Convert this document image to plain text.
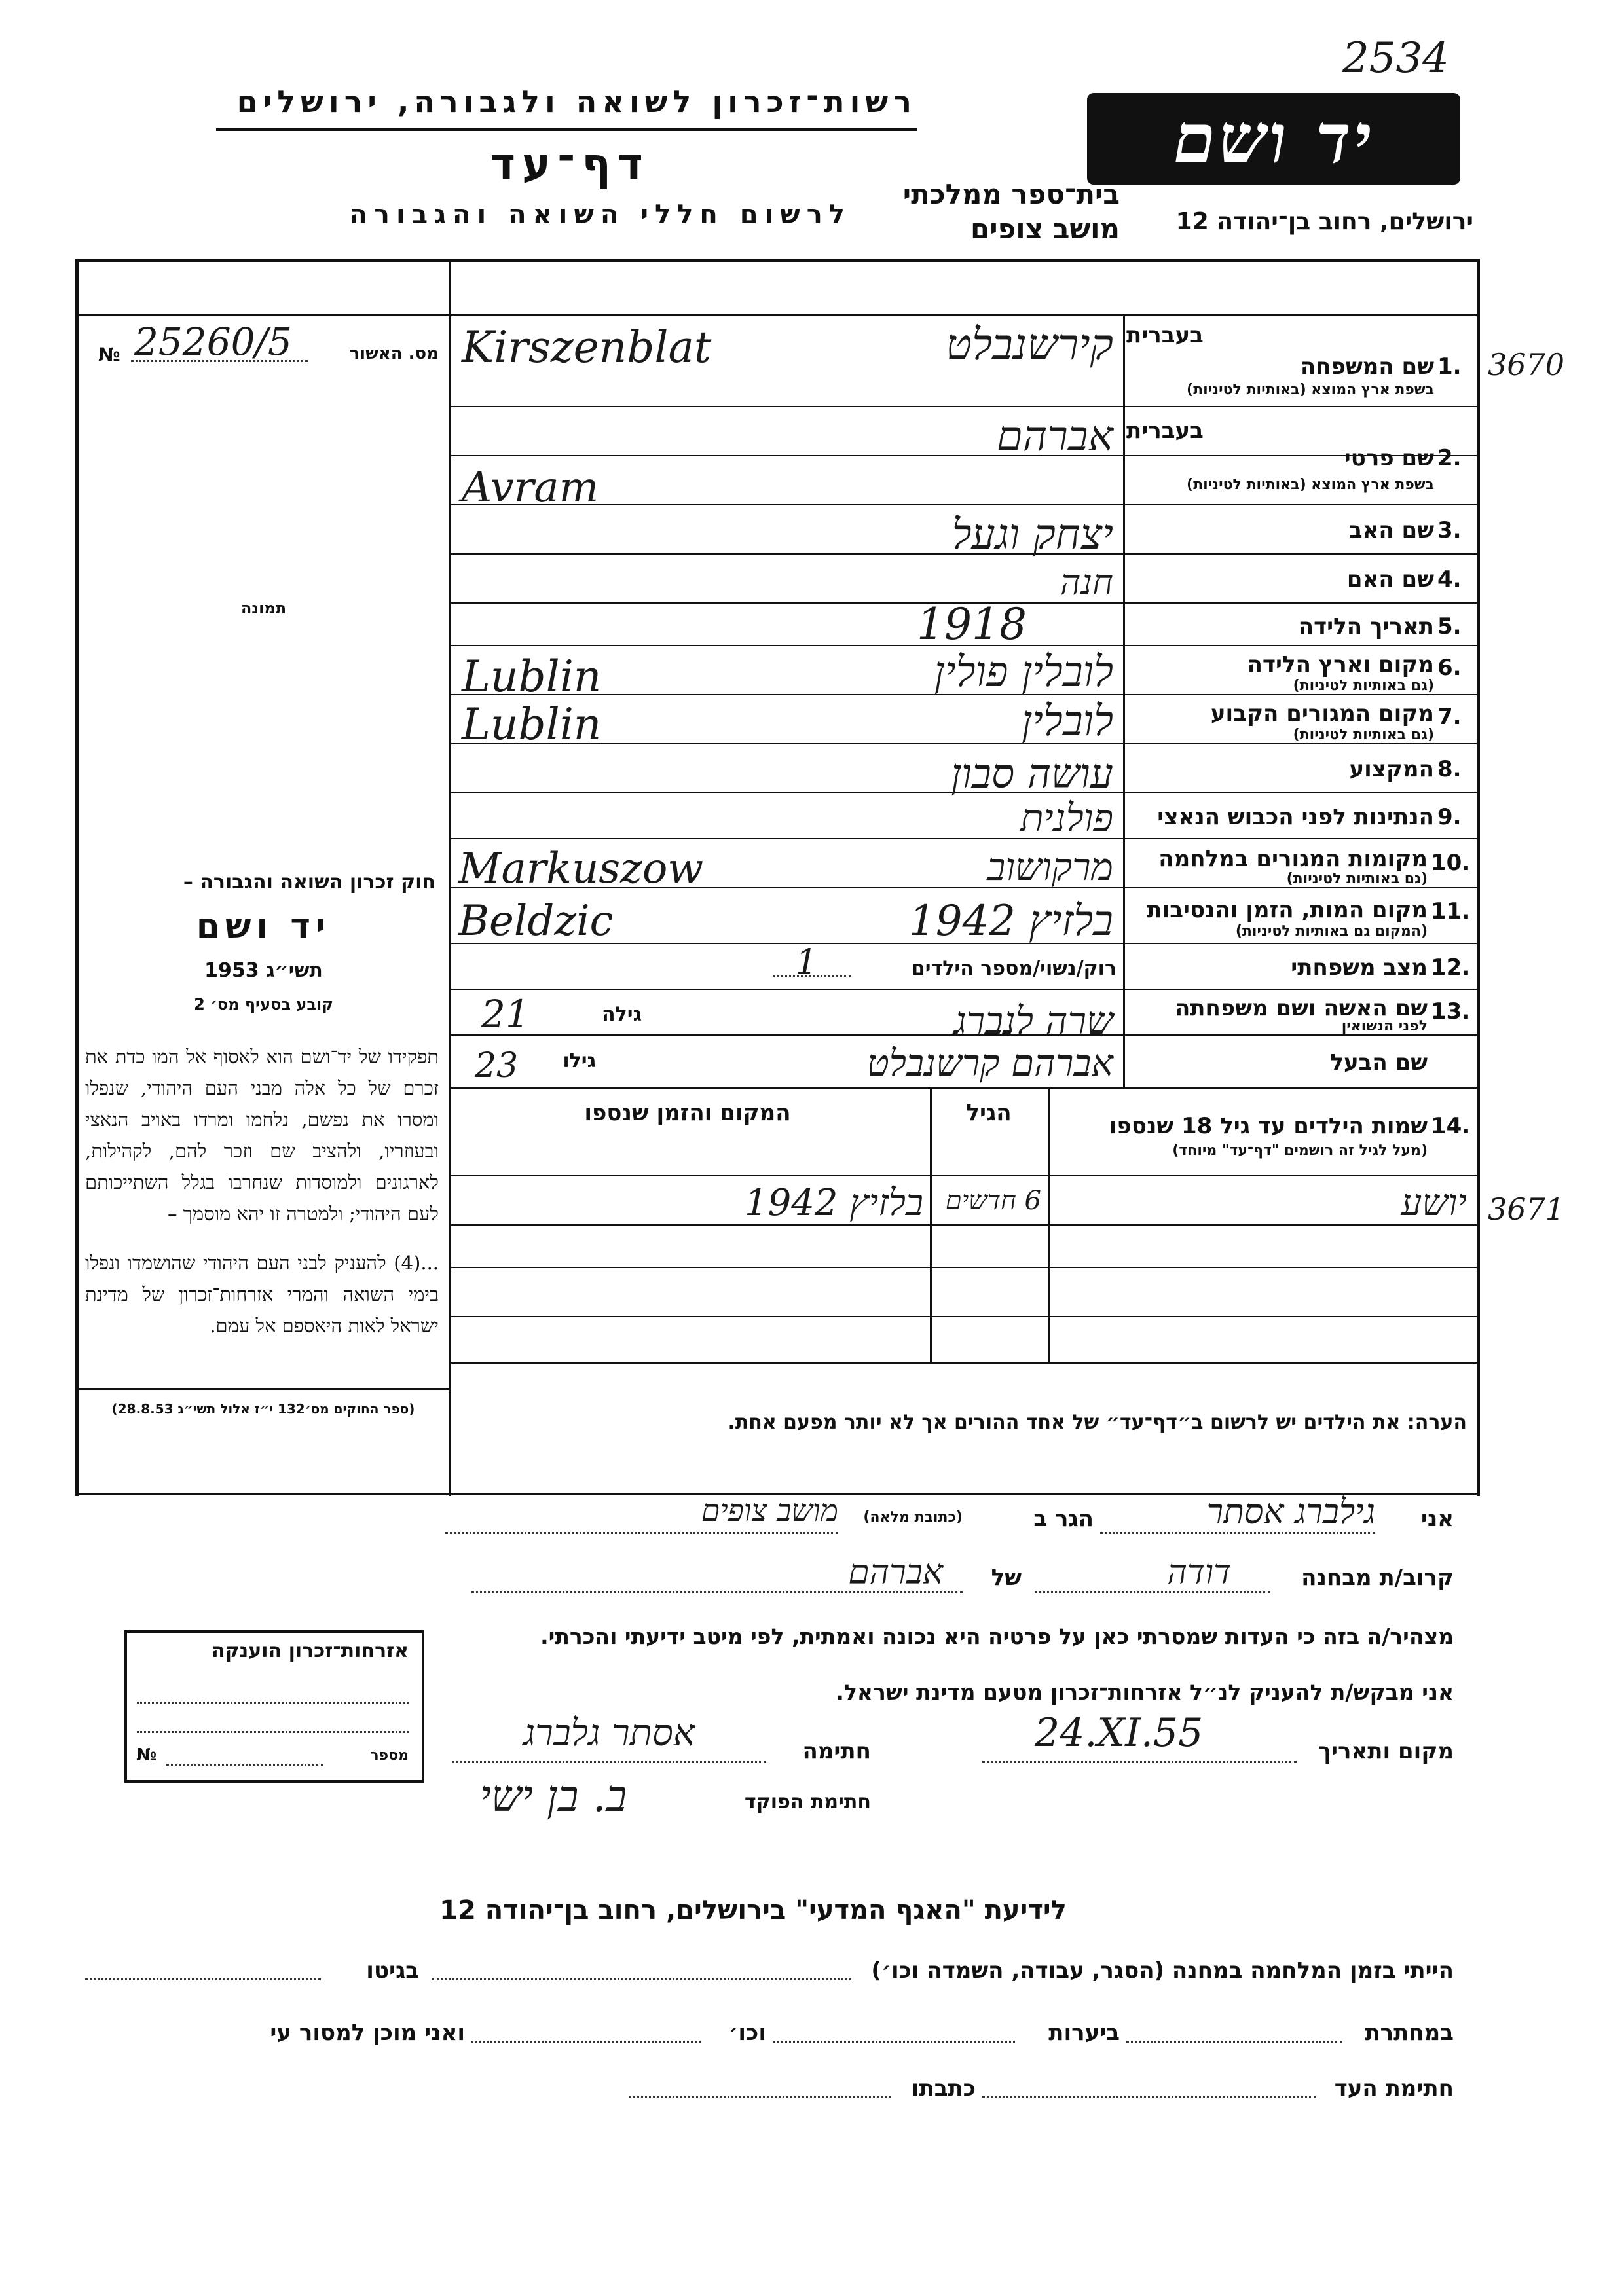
2534
רשות־זכרון לשואה ולגבורה, ירושלים
דף־עד
לרשום חללי השואה והגבורה
יד ושם
בית־ספר ממלכתי
מושב צופים	ירושלים, רחוב בן־יהודה 12
מס. האשור
№ 25260/5
תמונה
חוק זכרון השואה והגבורה –
יד ושם
תשי״ג 1953
קובע בסעיף מס׳ 2
תפקידו של יד־ושם הוא לאסוף אל המו כדת את זכרם של כל אלה מבני העם היהודי, שנפלו ומסרו את נפשם, נלחמו ומרדו באויב הנאצי ובעוזריו, ולהציב שם וזכר להם, לקהילות, לארגונים ולמוסדות שנחרבו בגלל השתייכותם לעם היהודי; ולמטרה זו יהא מוסמך –
...(4) להעניק לבני העם היהודי שהושמדו ונפלו בימי השואה והמרי אזרחות־זכרון של מדינת ישראל לאות היאספם אל עמם.
(ספר החוקים מס׳132 י״ז אלול תשי״ג 28.8.53)
בעברית
1.
שם המשפחה
בשפת ארץ המוצא (באותיות לטיניות)
בעברית
2.
שם פרטי
בשפת ארץ המוצא (באותיות לטיניות)
3.
שם האב
4.
שם האם
5.
תאריך הלידה
6.
מקום וארץ הלידה
(גם באותיות לטיניות)
7.
מקום המגורים הקבוע
(גם באותיות לטיניות)
8.
המקצוע
9.
הנתינות לפני הכבוש הנאצי
10.
מקומות המגורים במלחמה
(גם באותיות לטיניות)
11.
מקום המות, הזמן והנסיבות
(המקום גם באותיות לטיניות)
12.
מצב משפחתי
רוק/נשוי/מספר הילדים
1
13.
שם האשה ושם משפחתה
לפני הנשואין
גילה
שם הבעל
גילו
14.
שמות הילדים עד גיל 18 שנספו
(מעל לגיל זה רושמים "דף־עד" מיוחד)
הגיל
המקום והזמן שנספו
3670
3671
קירשנבלט
Kirszenblat
אברהם
Avram
יצחק וגעל
חנה
1918
לובלין פולין
Lublin
לובלין
Lublin
עושה סבון
פולנית
מרקושוב
Markuszow
בלזיץ 1942
Beldzic
שרה לנברג
21
אברהם קרשנבלט
23
יושע
6 חדשים
בלזיץ 1942
הערה: את הילדים יש לרשום ב״דף־עד״ של אחד ההורים אך לא יותר מפעם אחת.
אני
גילברג אסתר
הגר ב
(כתובת מלאה)
מושב צופים
קרוב/ת מבחנה
דודה
של
אברהם
מצהיר/ה בזה כי העדות שמסרתי כאן על פרטיה היא נכונה ואמתית, לפי מיטב ידיעתי והכרתי.
אני מבקש/ת להעניק לנ״ל אזרחות־זכרון מטעם מדינת ישראל.
מקום ותאריך
24.XI.55
חתימה
אסתר גלברג
חתימת הפוקד
ב. בן ישי
אזרחות־זכרון הוענקה
מספר
№
לידיעת "האגף המדעי" בירושלים, רחוב בן־יהודה 12
הייתי בזמן המלחמה במחנה (הסגר, עבודה, השמדה וכו׳)
בגיטו
במחתרת
ביערות
וכו׳
ואני מוכן למסור עי
חתימת העד
כתבתו
